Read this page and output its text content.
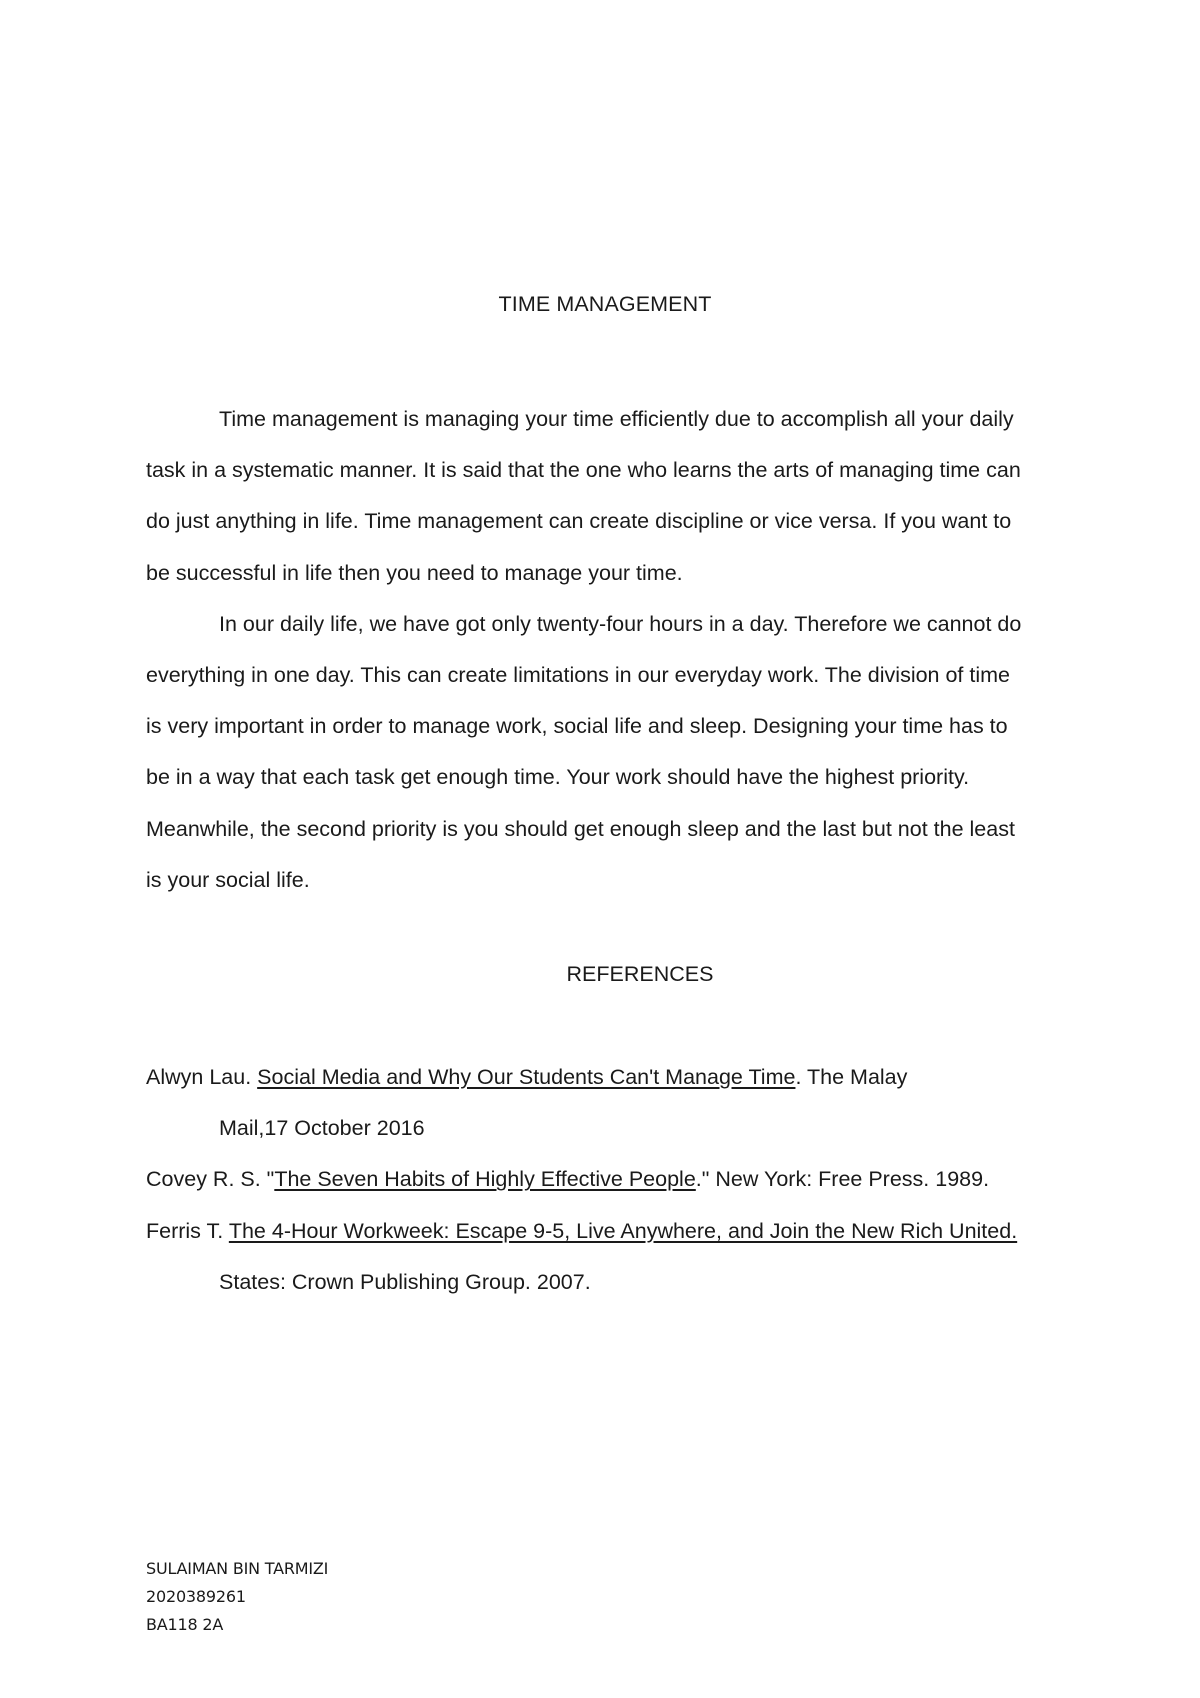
TIME MANAGEMENT

Time management is managing your time efficiently due to accomplish all your daily
task in a systematic manner. It is said that the one who learns the arts of managing time can
do just anything in life. Time management can create discipline or vice versa. If you want to
be successful in life then you need to manage your time.

In our daily life, we have got only twenty-four hours in a day. Therefore we cannot do
everything in one day. This can create limitations in our everyday work. The division of time
is very important in order to manage work, social life and sleep. Designing your time has to
be in a way that each task get enough time. Your work should have the highest priority.
Meanwhile, the second priority is you should get enough sleep and the last but not the least
is your social life.

REFERENCES
Alwyn Lau. Social Media and Why Our Students Can't Manage Time. The Malay
Mail,17 October 2016
Covey R. S. "The Seven Habits of Highly Effective People." New York: Free Press. 1989.
Ferris T. The 4-Hour Workweek: Escape 9-5, Live Anywhere, and Join the New Rich United.
States: Crown Publishing Group. 2007.
SULAIMAN BIN TARMIZI
2020389261
BA118 2A
